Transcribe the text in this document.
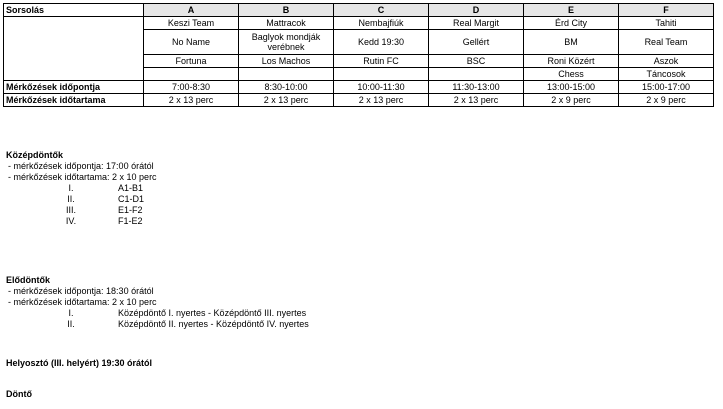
Sorsolás	A	B	C	D	E	F
	Keszi Team	Mattracok	Nembajfiúk	Real Margit	Érd City	Tahiti
	No Name	Baglyok mondják verébnek	Kedd 19:30	Gellért	BM	Real Team
	Fortuna	Los Machos	Rutin FC	BSC	Roni Közért	Aszok
					Chess	Táncosok
Mérkőzések időpontja	7:00-8:30	8:30-10:00	10:00-11:30	11:30-13:00	13:00-15:00	15:00-17:00
Mérkőzések időtartama	2 x 13 perc	2 x 13 perc	2 x 13 perc	2 x 13 perc	2 x 9 perc	2 x 9 perc
Középdöntők
- mérkőzések időpontja: 17:00 órától
- mérkőzések időtartama: 2 x 10 perc
I.	A1-B1
II.	C1-D1
III.	E1-F2
IV.	F1-E2
Elődöntők
- mérkőzések időpontja: 18:30 órától
- mérkőzések időtartama: 2 x 10 perc
I.	Középdöntő I. nyertes - Középdöntő III. nyertes
II.	Középdöntő II. nyertes - Középdöntő IV. nyertes
Helyosztó (III. helyért) 19:30 órától
Döntő
